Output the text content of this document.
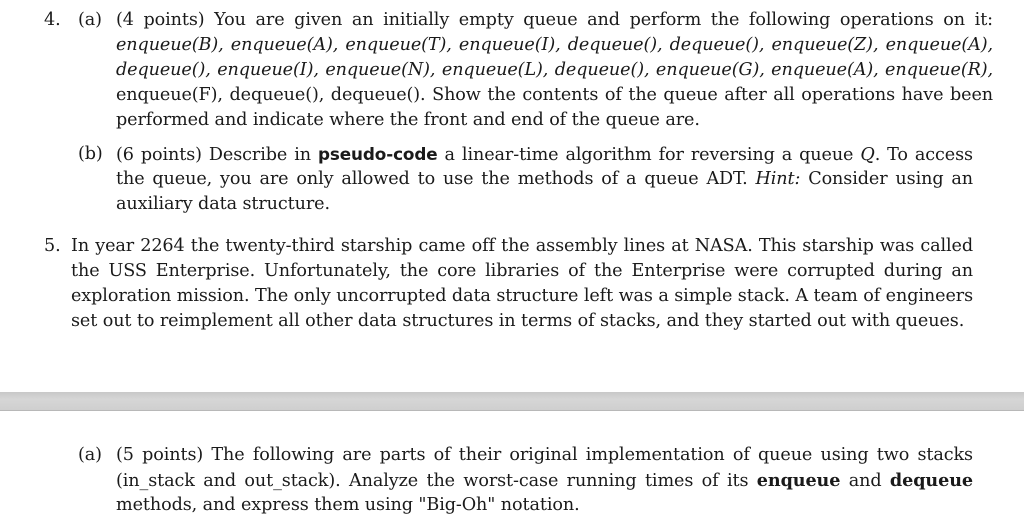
4. (a) (4 points) You are given an initially empty queue and perform the following operations on it:
enqueue(B), enqueue(A), enqueue(T), enqueue(I), dequeue(), dequeue(), enqueue(Z), enqueue(A),
dequeue(), enqueue(I), enqueue(N), enqueue(L), dequeue(), enqueue(G), enqueue(A), enqueue(R),
enqueue(F), dequeue(), dequeue(). Show the contents of the queue after all operations have been
performed and indicate where the front and end of the queue are.
(b) (6 points) Describe in pseudo-code a linear-time algorithm for reversing a queue Q. To access
the queue, you are only allowed to use the methods of a queue ADT. Hint: Consider using an
auxiliary data structure.
5. In year 2264 the twenty-third starship came off the assembly lines at NASA. This starship was called
the USS Enterprise. Unfortunately, the core libraries of the Enterprise were corrupted during an
exploration mission. The only uncorrupted data structure left was a simple stack. A team of engineers
set out to reimplement all other data structures in terms of stacks, and they started out with queues.
(a) (5 points) The following are parts of their original implementation of queue using two stacks
(in_stack and out_stack). Analyze the worst-case running times of its enqueue and dequeue
methods, and express them using "Big-Oh" notation.
